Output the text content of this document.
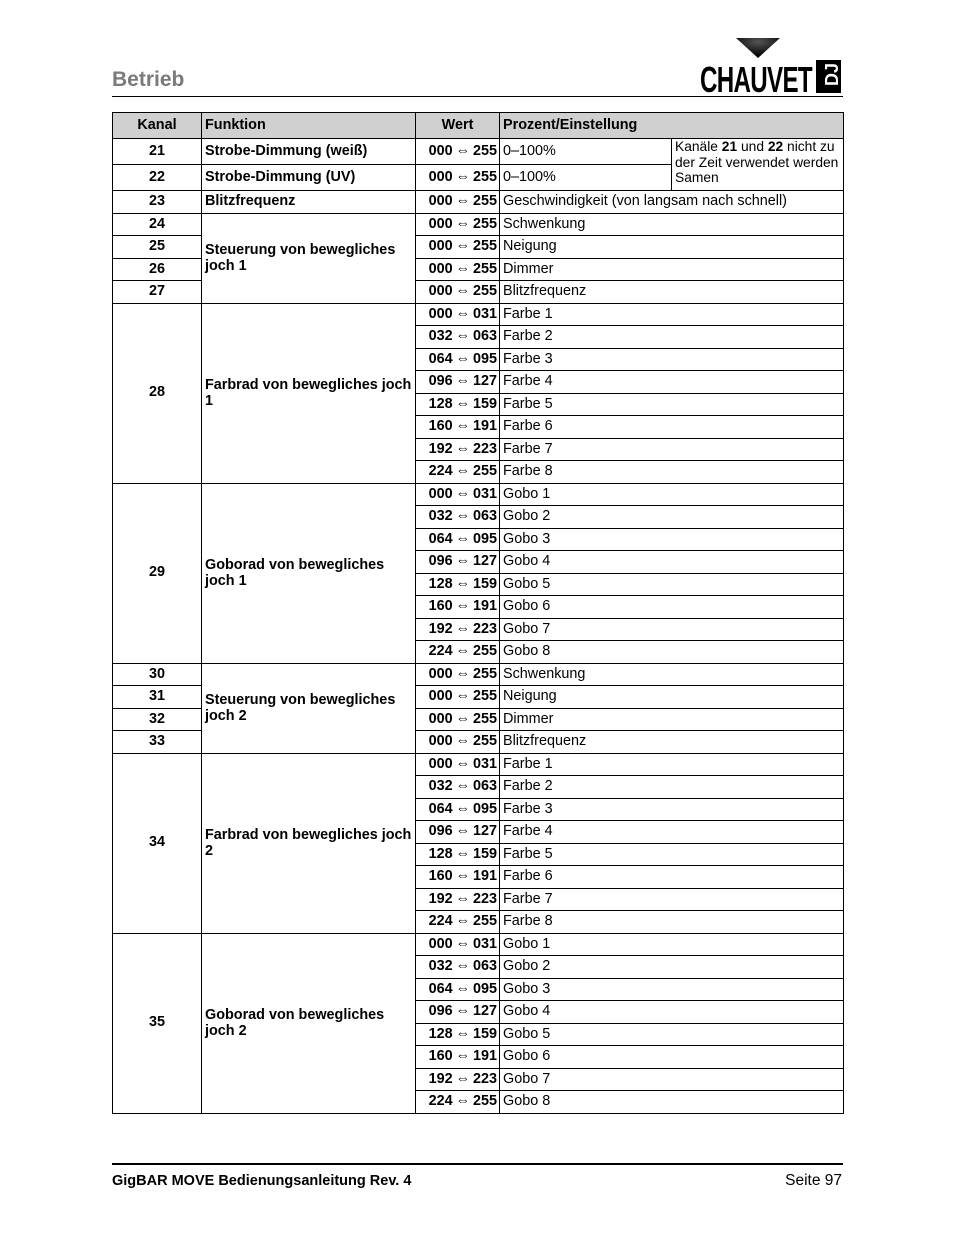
Betrieb	CHAUVET DJ
Kanal	Funktion	Wert	Prozent/Einstellung	
21	Strobe-Dimmung (weiß)	000 ⇔ 255	0–100%	Kanäle 21 und 22 nicht zu der Zeit verwendet werden Samen
22	Strobe-Dimmung (UV)	000 ⇔ 255	0–100%	
23	Blitzfrequenz	000 ⇔ 255	Geschwindigkeit (von langsam nach schnell)	
24	Steuerung von bewegliches joch 1	000 ⇔ 255	Schwenkung	
25		000 ⇔ 255	Neigung	
26		000 ⇔ 255	Dimmer	
27		000 ⇔ 255	Blitzfrequenz	
28	Farbrad von bewegliches joch 1	000 ⇔ 031	Farbe 1	
		032 ⇔ 063	Farbe 2	
		064 ⇔ 095	Farbe 3	
		096 ⇔ 127	Farbe 4	
		128 ⇔ 159	Farbe 5	
		160 ⇔ 191	Farbe 6	
		192 ⇔ 223	Farbe 7	
		224 ⇔ 255	Farbe 8	
29	Goborad von bewegliches joch 1	000 ⇔ 031	Gobo 1	
		032 ⇔ 063	Gobo 2	
		064 ⇔ 095	Gobo 3	
		096 ⇔ 127	Gobo 4	
		128 ⇔ 159	Gobo 5	
		160 ⇔ 191	Gobo 6	
		192 ⇔ 223	Gobo 7	
		224 ⇔ 255	Gobo 8	
30	Steuerung von bewegliches joch 2	000 ⇔ 255	Schwenkung	
31		000 ⇔ 255	Neigung	
32		000 ⇔ 255	Dimmer	
33		000 ⇔ 255	Blitzfrequenz	
34	Farbrad von bewegliches joch 2	000 ⇔ 031	Farbe 1	
		032 ⇔ 063	Farbe 2	
		064 ⇔ 095	Farbe 3	
		096 ⇔ 127	Farbe 4	
		128 ⇔ 159	Farbe 5	
		160 ⇔ 191	Farbe 6	
		192 ⇔ 223	Farbe 7	
		224 ⇔ 255	Farbe 8	
35	Goborad von bewegliches joch 2	000 ⇔ 031	Gobo 1	
		032 ⇔ 063	Gobo 2	
		064 ⇔ 095	Gobo 3	
		096 ⇔ 127	Gobo 4	
		128 ⇔ 159	Gobo 5	
		160 ⇔ 191	Gobo 6	
		192 ⇔ 223	Gobo 7	
		224 ⇔ 255	Gobo 8	
GigBAR MOVE Bedienungsanleitung Rev. 4	Seite 97
